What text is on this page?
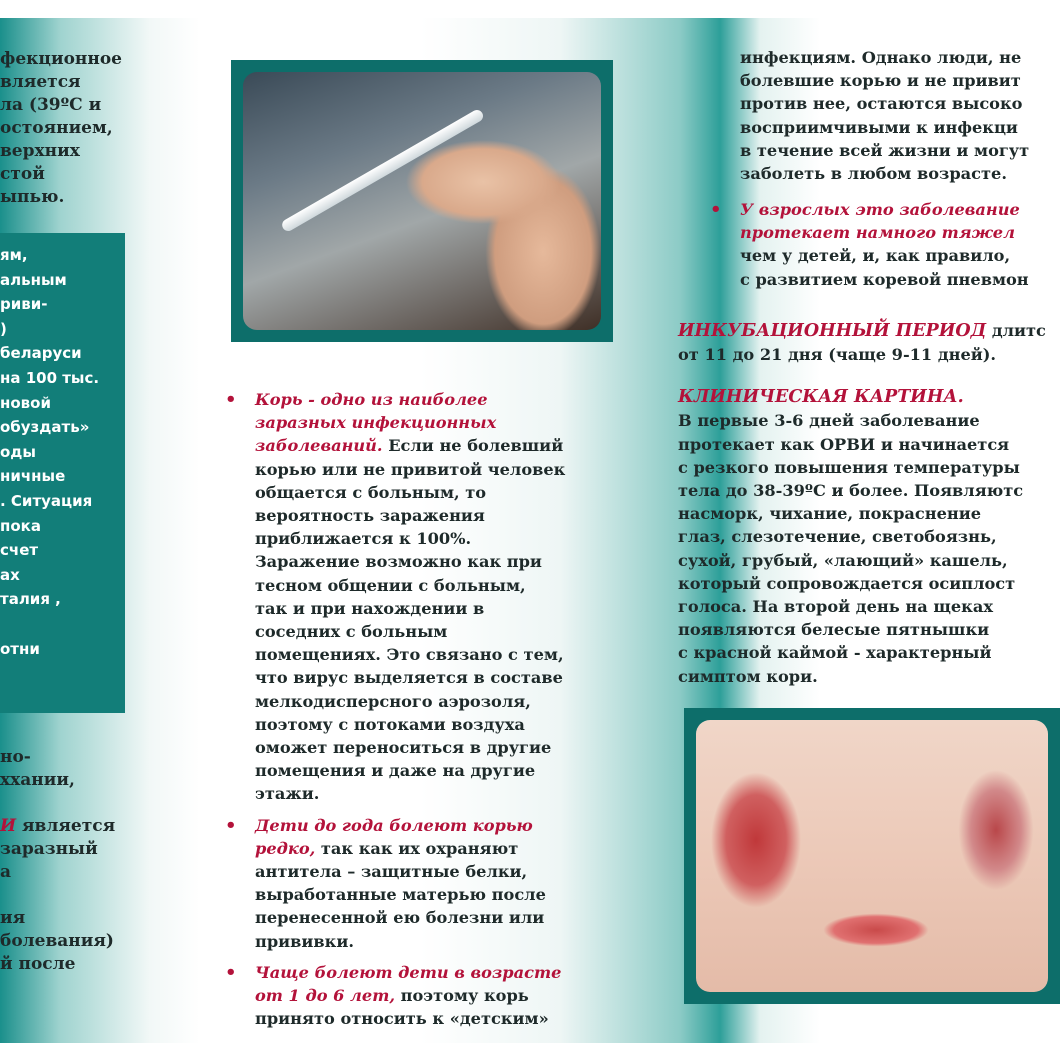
фекционное
вляется
ла (39ºС и
остоянием,
верхних
стой
ыпью.
ям,
альным
риви-
)
беларуси
на 100 тыс.
новой
обуздать»
оды
ничные
. Ситуация
пока
счет
ах
талия ,

отни
но-
ххании,

И является
заразный
а

ия
болевания)
й после
• Корь - одно из наиболее
заразных инфекционных
заболеваний. Если не болевший
корью или не привитой человек
общается с больным, то
вероятность заражения
приближается к 100%.
Заражение возможно как при
тесном общении с больным,
так и при нахождении в
соседних с больным
помещениях. Это связано с тем,
что вирус выделяется в составе
мелкодисперсного аэрозоля,
поэтому с потоками воздуха
оможет переноситься в другие
помещения и даже на другие
этажи.
• Дети до года болеют корью
редко, так как их охраняют
антитела – защитные белки,
выработанные матерью после
перенесенной ею болезни или
прививки.
• Чаще болеют дети в возрасте
от 1 до 6 лет, поэтому корь
принято относить к «детским»
инфекциям. Однако люди, не
болевшие корью и не привит
против нее, остаются высоко
восприимчивыми к инфекци
в течение всей жизни и могут
заболеть в любом возрасте.
• У взрослых это заболевание
протекает намного тяжел
чем у детей, и, как правило,
с развитием коревой пневмон
ИНКУБАЦИОННЫЙ ПЕРИОД длитс
от 11 до 21 дня (чаще 9-11 дней).
КЛИНИЧЕСКАЯ КАРТИНА.
В первые 3-6 дней заболевание
протекает как ОРВИ и начинается
с резкого повышения температуры
тела до 38-39ºС и более. Появляютс
насморк, чихание, покраснение
глаз, слезотечение, светобоязнь,
сухой, грубый, «лающий» кашель,
который сопровождается осиплост
голоса. На второй день на щеках
появляются белесые пятнышки
с красной каймой - характерный
симптом кори.
